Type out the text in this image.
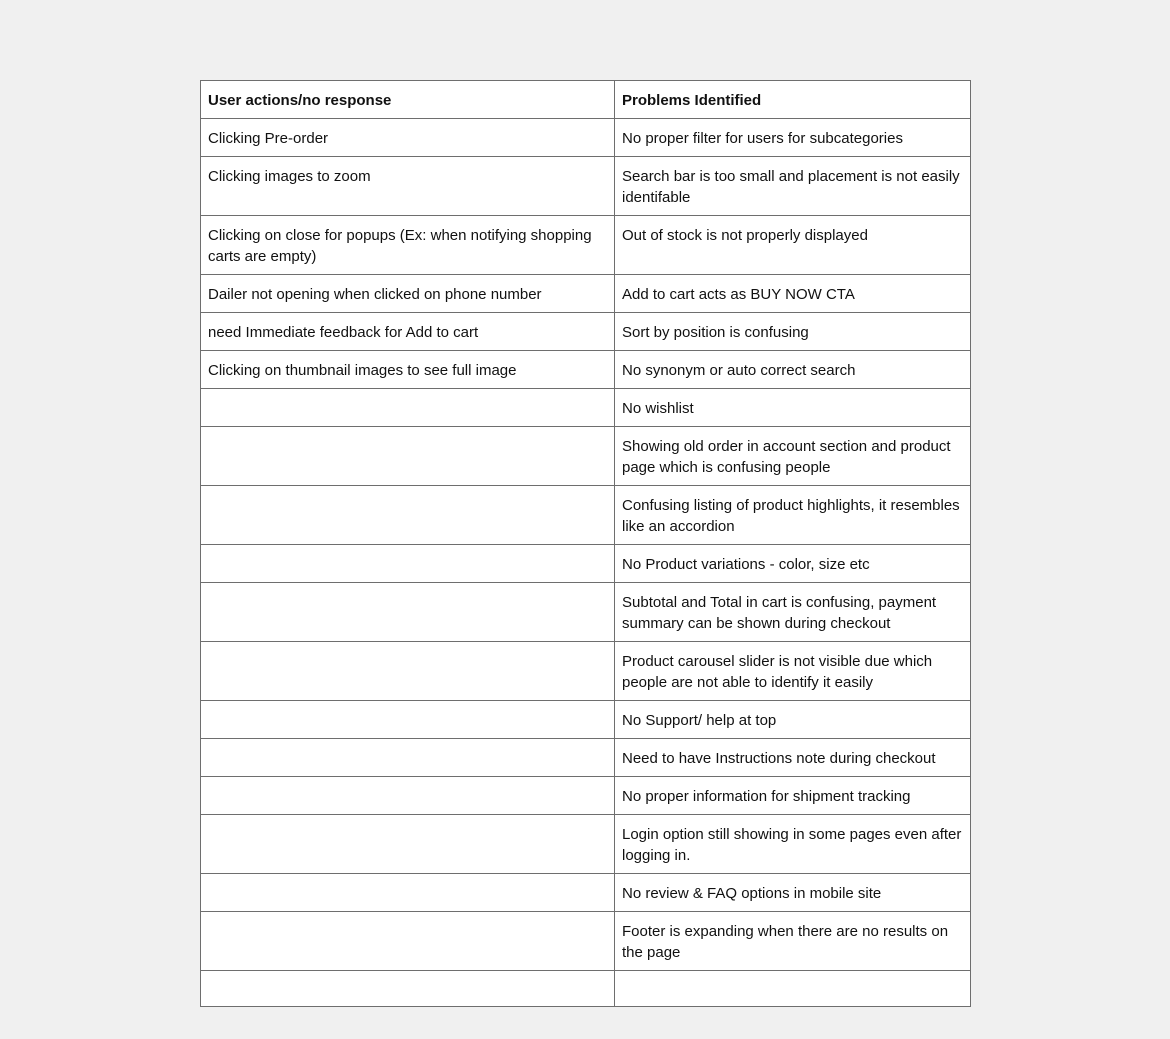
User actions/no response	Problems Identified
Clicking Pre-order	No proper filter for users for subcategories
Clicking images to zoom	Search bar is too small and placement is not easily identifable
Clicking on close for popups (Ex: when notifying shopping carts are empty)	Out of stock is not properly displayed
Dailer not opening when clicked on phone number	Add to cart acts as BUY NOW CTA
need Immediate feedback for Add to cart	Sort by position is confusing
Clicking on thumbnail images to see full image	No synonym or auto correct search
	No wishlist
	Showing old order in account section and product page which is confusing people
	Confusing listing of product highlights, it resembles like an accordion
	No Product variations - color, size etc
	Subtotal and Total in cart is confusing, payment summary can be shown during checkout
	Product carousel slider is not visible due which people are not able to identify it easily
	No Support/ help at top
	Need to have Instructions note during checkout
	No proper information for shipment tracking
	Login option still showing in some pages even after logging in.
	No review & FAQ options in mobile site
	Footer is expanding when there are no results on the page
